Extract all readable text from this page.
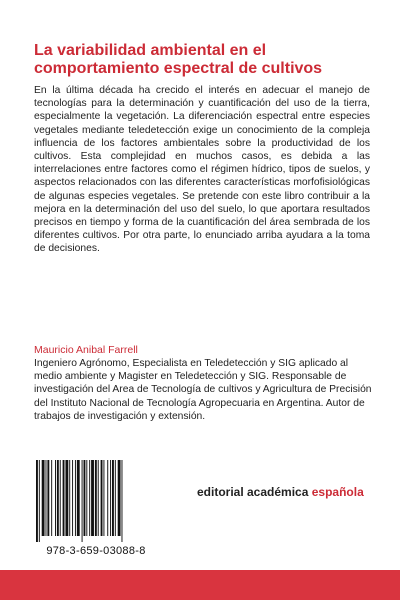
La variabilidad ambiental en el comportamiento espectral de cultivos

En la última década ha crecido el interés en adecuar el manejo de tecnologías para la determinación y cuantificación del uso de la tierra, especialmente la vegetación. La diferenciación espectral entre especies vegetales mediante teledetección exige un conocimiento de la compleja influencia de los factores ambientales sobre la productividad de los cultivos. Esta complejidad en muchos casos, es debida a las interrelaciones entre factores como el régimen hídrico, tipos de suelos, y aspectos relacionados con las diferentes características morfofisiológicas de algunas especies vegetales. Se pretende con este libro contribuir a la mejora en la determinación del uso del suelo, lo que aportara resultados precisos en tiempo y forma de la cuantificación del área sembrada de los diferentes cultivos. Por otra parte, lo enunciado arriba ayudara a la toma de decisiones.

Mauricio Anibal Farrell

Ingeniero Agrónomo, Especialista en Teledetección y SIG aplicado al medio ambiente y Magister en Teledetección y SIG. Responsable de investigación del Area de Tecnología de cultivos y Agricultura de Precisión del Instituto Nacional de Tecnología Agropecuaria en Argentina. Autor de trabajos de investigación y extensión.

978-3-659-03088-8
editorial académica española
